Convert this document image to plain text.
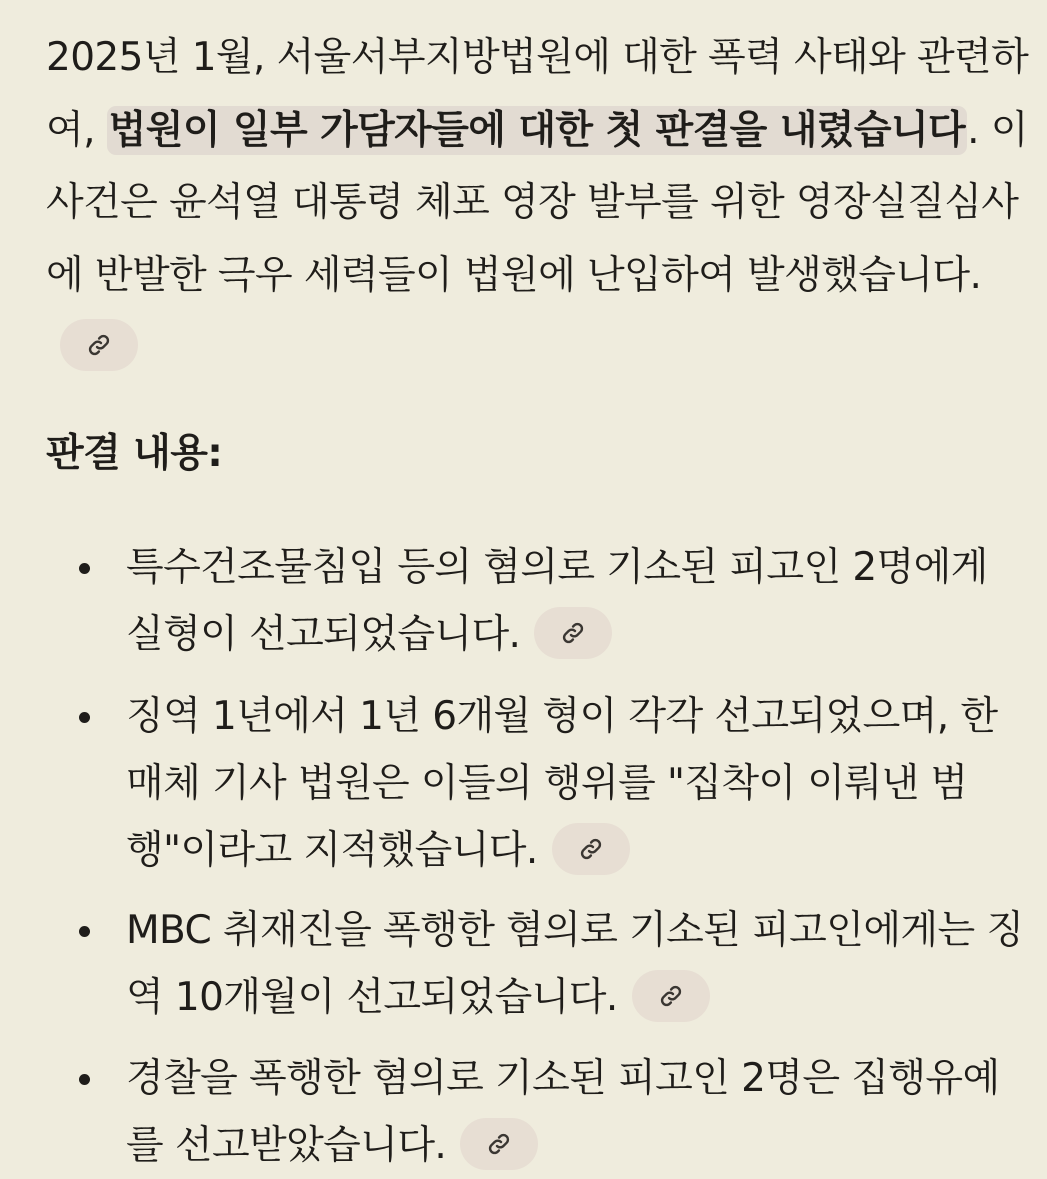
2025년 1월, 서울서부지방법원에 대한 폭력 사태와 관련하여, 법원이 일부 가담자들에 대한 첫 판결을 내렸습니다. 이 사건은 윤석열 대통령 체포 영장 발부를 위한 영장실질심사에 반발한 극우 세력들이 법원에 난입하여 발생했습니다.

판결 내용:
특수건조물침입 등의 혐의로 기소된 피고인 2명에게 실형이 선고되었습니다.
징역 1년에서 1년 6개월 형이 각각 선고되었으며, 한 매체 기사 법원은 이들의 행위를 "집착이 이뤄낸 범행"이라고 지적했습니다.
MBC 취재진을 폭행한 혐의로 기소된 피고인에게는 징역 10개월이 선고되었습니다.
경찰을 폭행한 혐의로 기소된 피고인 2명은 집행유예를 선고받았습니다.
